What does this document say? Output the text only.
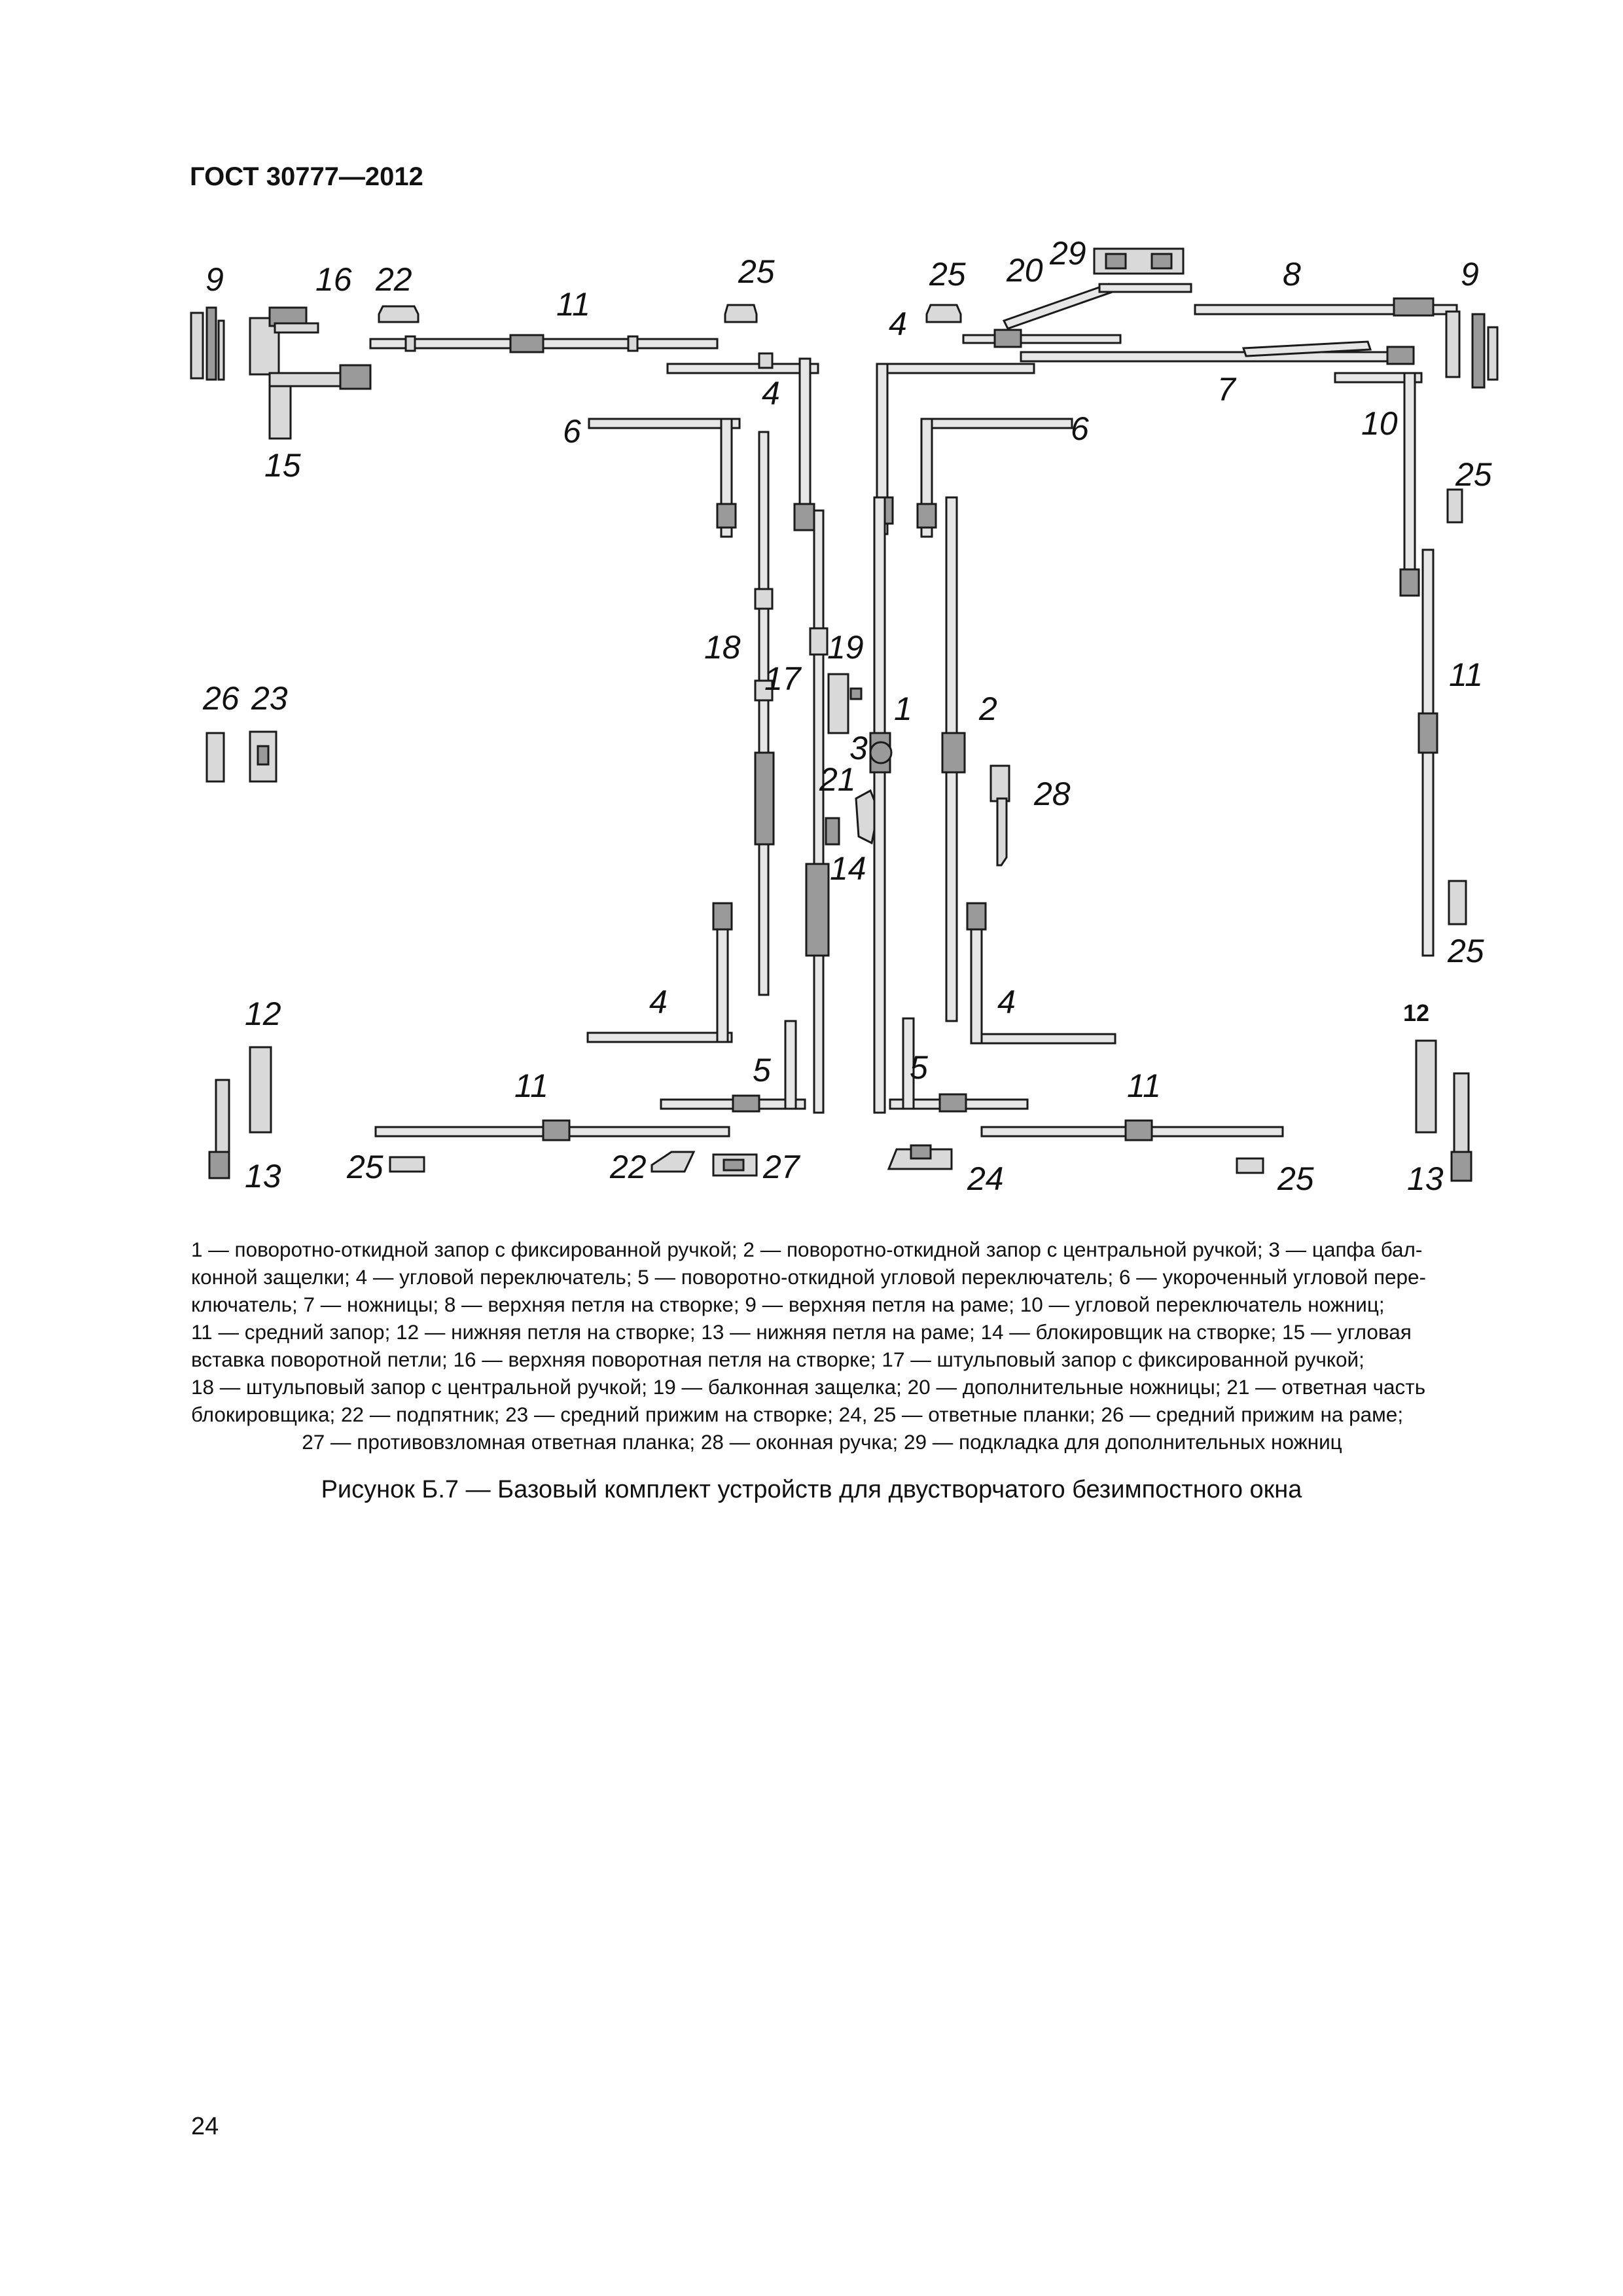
ГОСТ 30777—2012
9	16 22
11
25
15
6
4
25 20 29
8	9
4
7
10
6
25
18	19
17
1 2
3
26 23
21	28
14
11
25
12	4	4	12
11	5	5	11
13 25	22	27	24	25	13
1 — поворотно-откидной запор с фиксированной ручкой; 2 — поворотно-откидной запор с центральной ручкой; 3 — цапфа бал-
конной защелки; 4 — угловой переключатель; 5 — поворотно-откидной угловой переключатель; 6 — укороченный угловой пере-
ключатель; 7 — ножницы; 8 — верхняя петля на створке; 9 — верхняя петля на раме; 10 — угловой переключатель ножниц;
11 — средний запор; 12 — нижняя петля на створке; 13 — нижняя петля на раме; 14 — блокировщик на створке; 15 — угловая
вставка поворотной петли; 16 — верхняя поворотная петля на створке; 17 — штульповый запор с фиксированной ручкой;
18 — штульповый запор с центральной ручкой; 19 — балконная защелка; 20 — дополнительные ножницы; 21 — ответная часть
блокировщика; 22 — подпятник; 23 — средний прижим на створке; 24, 25 — ответные планки; 26 — средний прижим на раме;
27 — противовзломная ответная планка; 28 — оконная ручка; 29 — подкладка для дополнительных ножниц
Рисунок Б.7 — Базовый комплект устройств для двустворчатого безимпостного окна
24
